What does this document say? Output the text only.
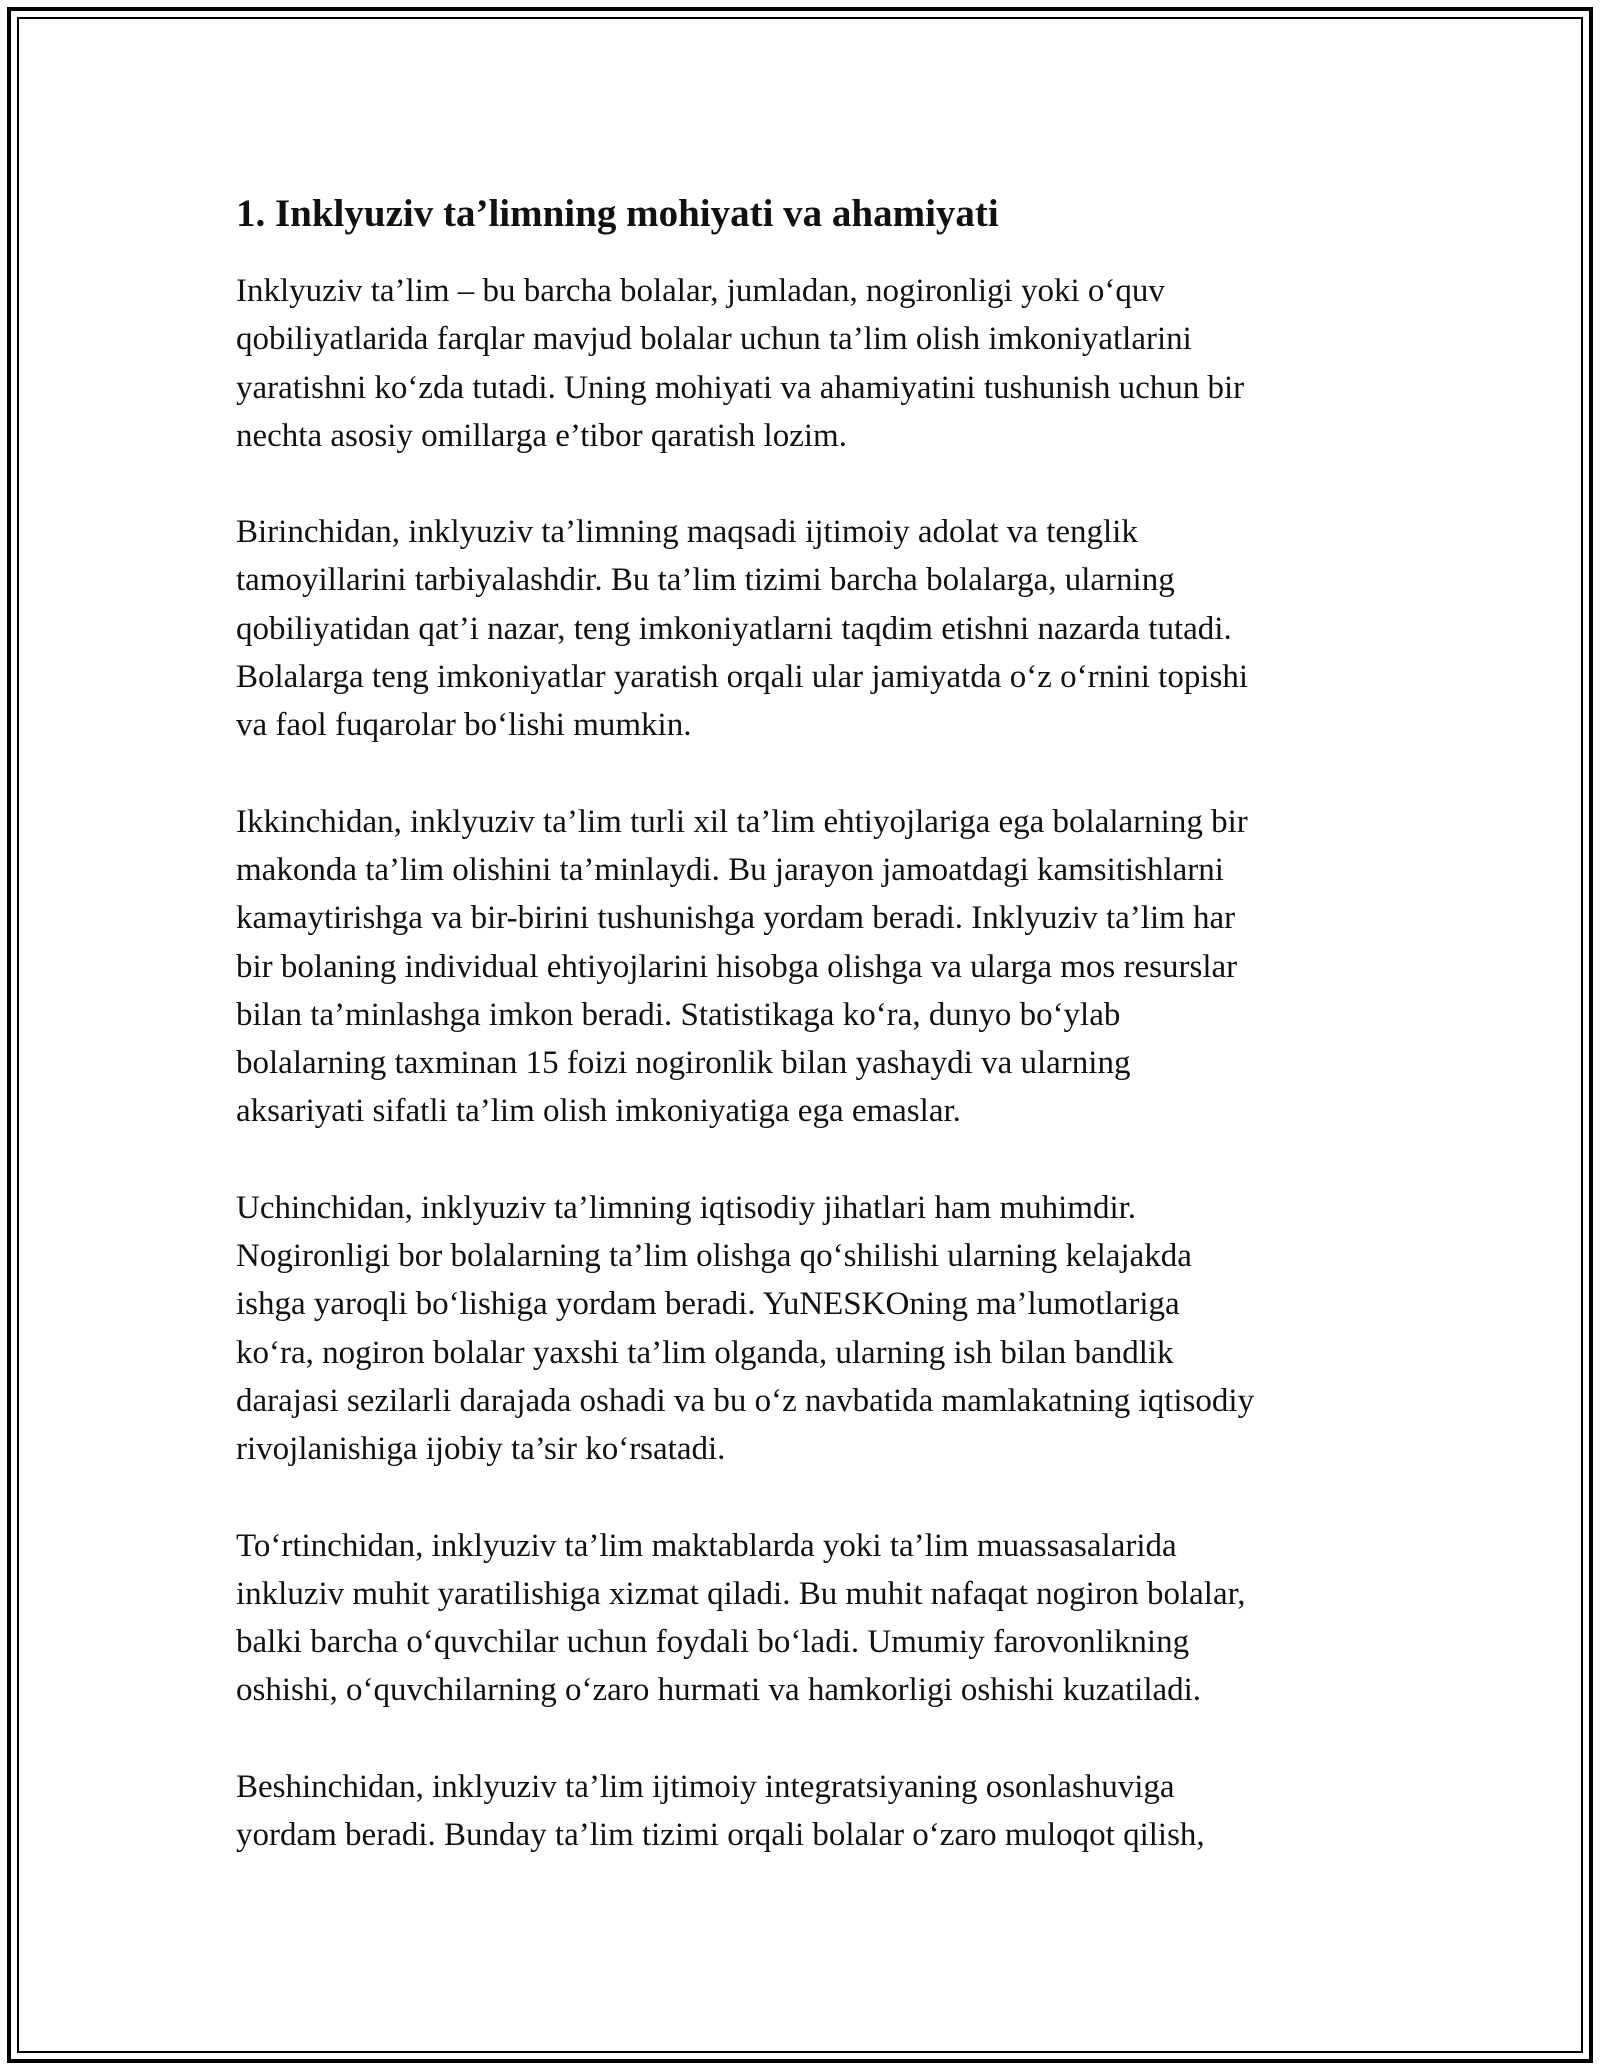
1. Inklyuziv ta’limning mohiyati va ahamiyati

Inklyuziv ta’lim – bu barcha bolalar, jumladan, nogironligi yoki o‘quv
qobiliyatlarida farqlar mavjud bolalar uchun ta’lim olish imkoniyatlarini
yaratishni ko‘zda tutadi. Uning mohiyati va ahamiyatini tushunish uchun bir
nechta asosiy omillarga e’tibor qaratish lozim.

Birinchidan, inklyuziv ta’limning maqsadi ijtimoiy adolat va tenglik
tamoyillarini tarbiyalashdir. Bu ta’lim tizimi barcha bolalarga, ularning
qobiliyatidan qat’i nazar, teng imkoniyatlarni taqdim etishni nazarda tutadi.
Bolalarga teng imkoniyatlar yaratish orqali ular jamiyatda o‘z o‘rnini topishi
va faol fuqarolar bo‘lishi mumkin.

Ikkinchidan, inklyuziv ta’lim turli xil ta’lim ehtiyojlariga ega bolalarning bir
makonda ta’lim olishini ta’minlaydi. Bu jarayon jamoatdagi kamsitishlarni
kamaytirishga va bir-birini tushunishga yordam beradi. Inklyuziv ta’lim har
bir bolaning individual ehtiyojlarini hisobga olishga va ularga mos resurslar
bilan ta’minlashga imkon beradi. Statistikaga ko‘ra, dunyo bo‘ylab
bolalarning taxminan 15 foizi nogironlik bilan yashaydi va ularning
aksariyati sifatli ta’lim olish imkoniyatiga ega emaslar.

Uchinchidan, inklyuziv ta’limning iqtisodiy jihatlari ham muhimdir.
Nogironligi bor bolalarning ta’lim olishga qo‘shilishi ularning kelajakda
ishga yaroqli bo‘lishiga yordam beradi. YuNESKOning ma’lumotlariga
ko‘ra, nogiron bolalar yaxshi ta’lim olganda, ularning ish bilan bandlik
darajasi sezilarli darajada oshadi va bu o‘z navbatida mamlakatning iqtisodiy
rivojlanishiga ijobiy ta’sir ko‘rsatadi.

To‘rtinchidan, inklyuziv ta’lim maktablarda yoki ta’lim muassasalarida
inkluziv muhit yaratilishiga xizmat qiladi. Bu muhit nafaqat nogiron bolalar,
balki barcha o‘quvchilar uchun foydali bo‘ladi. Umumiy farovonlikning
oshishi, o‘quvchilarning o‘zaro hurmati va hamkorligi oshishi kuzatiladi.

Beshinchidan, inklyuziv ta’lim ijtimoiy integratsiyaning osonlashuviga
yordam beradi. Bunday ta’lim tizimi orqali bolalar o‘zaro muloqot qilish,
